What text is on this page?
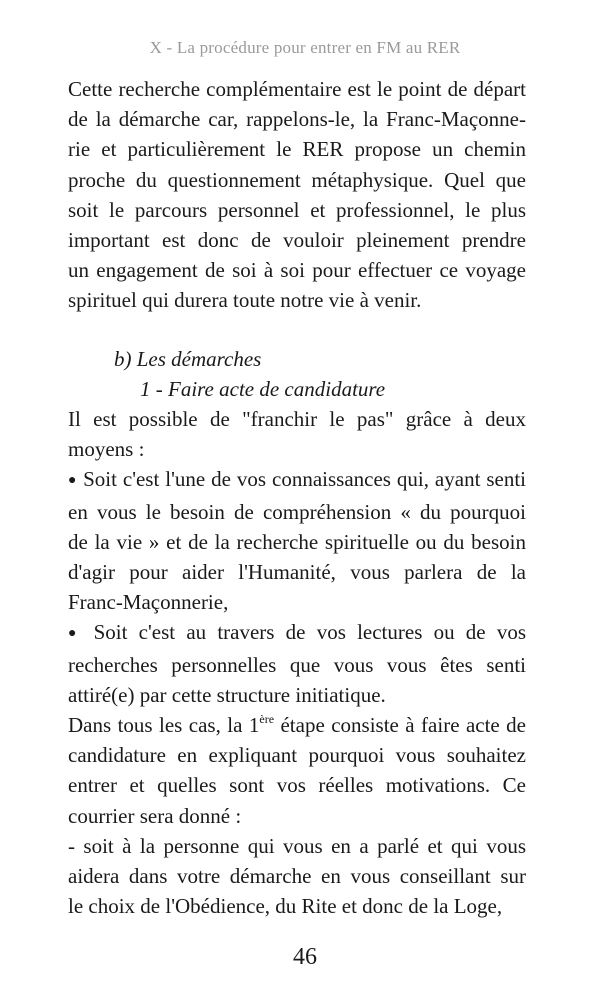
X - La procédure pour entrer en FM au RER

Cette recherche complémentaire est le point de départ
de la démarche car, rappelons-le, la Franc-Maçonne-
rie et particulièrement le RER propose un chemin
proche du questionnement métaphysique. Quel que
soit le parcours personnel et professionnel, le plus
important est donc de vouloir pleinement prendre
un engagement de soi à soi pour effectuer ce voyage
spirituel qui durera toute notre vie à venir.

b) Les démarches

1 - Faire acte de candidature

Il est possible de "franchir le pas" grâce à deux
moyens :

● Soit c'est l'une de vos connaissances qui, ayant senti
en vous le besoin de compréhension « du pourquoi
de la vie » et de la recherche spirituelle ou du besoin
d'agir pour aider l'Humanité, vous parlera de la
Franc-Maçonnerie,

● Soit c'est au travers de vos lectures ou de vos
recherches personnelles que vous vous êtes senti
attiré(e) par cette structure initiatique.

Dans tous les cas, la 1ère étape consiste à faire acte de
candidature en expliquant pourquoi vous souhaitez
entrer et quelles sont vos réelles motivations. Ce
courrier sera donné :

- soit à la personne qui vous en a parlé et qui vous
aidera dans votre démarche en vous conseillant sur
le choix de l'Obédience, du Rite et donc de la Loge,

46
